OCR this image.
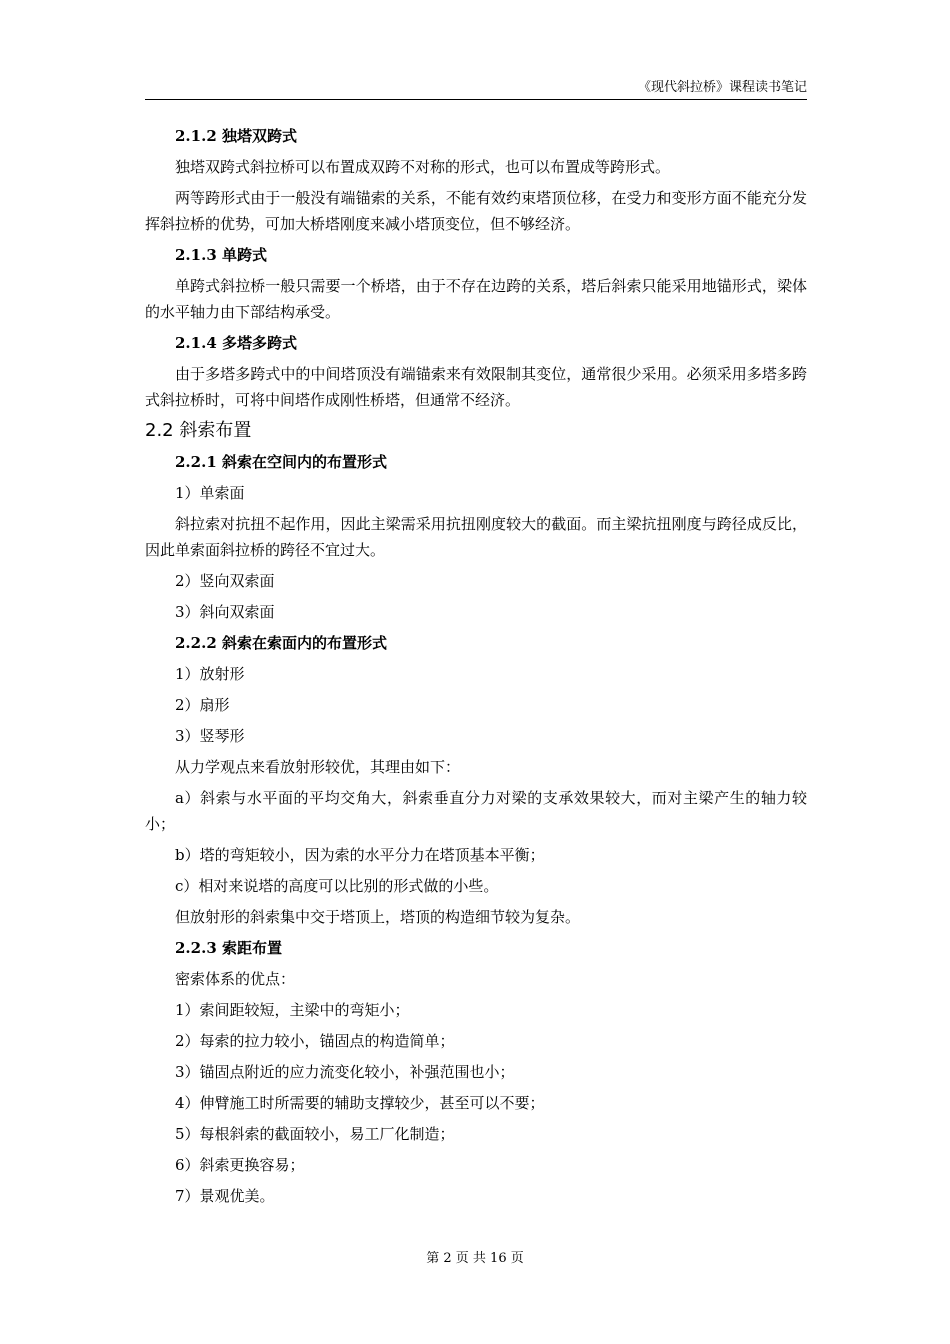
《现代斜拉桥》课程读书笔记
2.1.2 独塔双跨式
独塔双跨式斜拉桥可以布置成双跨不对称的形式，也可以布置成等跨形式。
两等跨形式由于一般没有端锚索的关系，不能有效约束塔顶位移，在受力和变形方面不能充分发挥斜拉桥的优势，可加大桥塔刚度来减小塔顶变位，但不够经济。
2.1.3 单跨式
单跨式斜拉桥一般只需要一个桥塔，由于不存在边跨的关系，塔后斜索只能采用地锚形式，梁体的水平轴力由下部结构承受。
2.1.4 多塔多跨式
由于多塔多跨式中的中间塔顶没有端锚索来有效限制其变位，通常很少采用。必须采用多塔多跨式斜拉桥时，可将中间塔作成刚性桥塔，但通常不经济。
2.2 斜索布置
2.2.1 斜索在空间内的布置形式
1）单索面
斜拉索对抗扭不起作用，因此主梁需采用抗扭刚度较大的截面。而主梁抗扭刚度与跨径成反比，因此单索面斜拉桥的跨径不宜过大。
2）竖向双索面
3）斜向双索面
2.2.2 斜索在索面内的布置形式
1）放射形
2）扇形
3）竖琴形
从力学观点来看放射形较优，其理由如下：
a）斜索与水平面的平均交角大，斜索垂直分力对梁的支承效果较大，而对主梁产生的轴力较小；
b）塔的弯矩较小，因为索的水平分力在塔顶基本平衡；
c）相对来说塔的高度可以比别的形式做的小些。
但放射形的斜索集中交于塔顶上，塔顶的构造细节较为复杂。
2.2.3 索距布置
密索体系的优点：
1）索间距较短，主梁中的弯矩小；
2）每索的拉力较小，锚固点的构造简单；
3）锚固点附近的应力流变化较小，补强范围也小；
4）伸臂施工时所需要的辅助支撑较少，甚至可以不要；
5）每根斜索的截面较小，易工厂化制造；
6）斜索更换容易；
7）景观优美。
第 2 页 共 16 页
